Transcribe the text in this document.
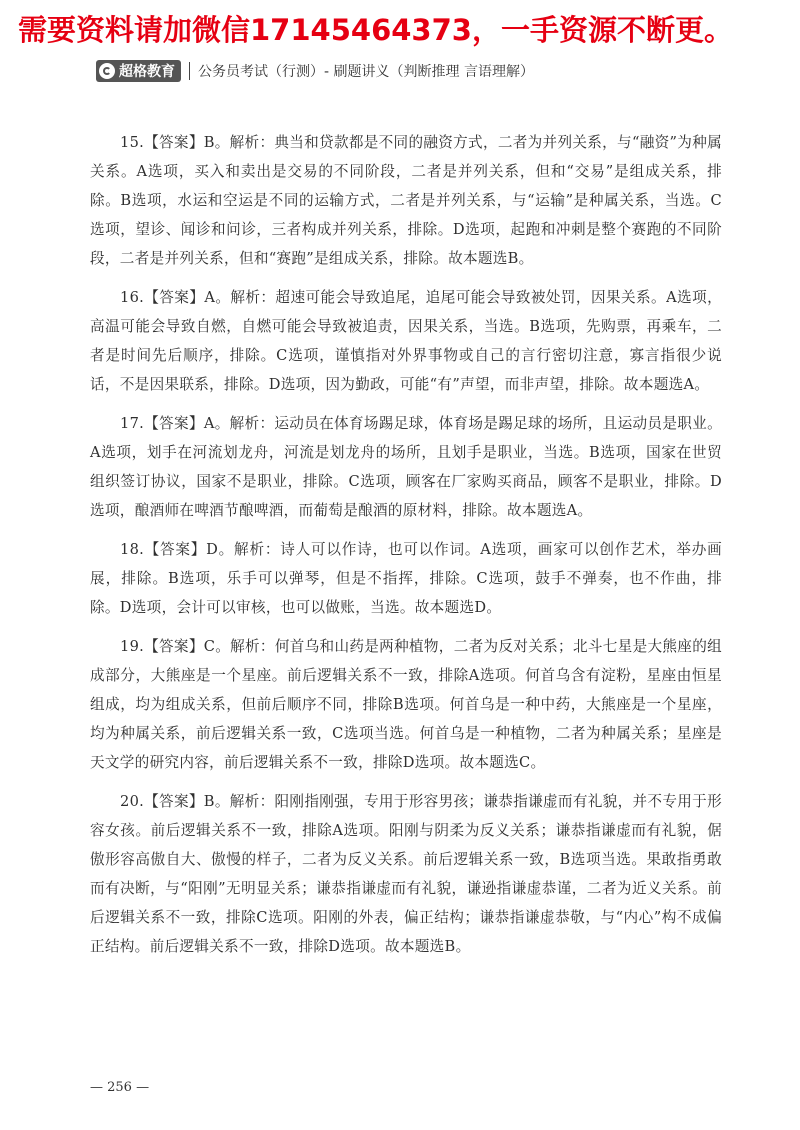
需要资料请加微信17145464373，一手资源不断更。
超格教育 公务员考试（行测）- 刷题讲义（判断推理 言语理解）

15.【答案】B。解析：典当和贷款都是不同的融资方式，二者为并列关系，与“融资”为种属关系。A选项，买入和卖出是交易的不同阶段，二者是并列关系，但和“交易”是组成关系，排除。B选项，水运和空运是不同的运输方式，二者是并列关系，与“运输”是种属关系，当选。C选项，望诊、闻诊和问诊，三者构成并列关系，排除。D选项，起跑和冲刺是整个赛跑的不同阶段，二者是并列关系，但和“赛跑”是组成关系，排除。故本题选B。

16.【答案】A。解析：超速可能会导致追尾，追尾可能会导致被处罚，因果关系。A选项，高温可能会导致自燃，自燃可能会导致被追责，因果关系，当选。B选项，先购票，再乘车，二者是时间先后顺序，排除。C选项，谨慎指对外界事物或自己的言行密切注意，寡言指很少说话，不是因果联系，排除。D选项，因为勤政，可能“有”声望，而非声望，排除。故本题选A。

17.【答案】A。解析：运动员在体育场踢足球，体育场是踢足球的场所，且运动员是职业。A选项，划手在河流划龙舟，河流是划龙舟的场所，且划手是职业，当选。B选项，国家在世贸组织签订协议，国家不是职业，排除。C选项，顾客在厂家购买商品，顾客不是职业，排除。D选项，酿酒师在啤酒节酿啤酒，而葡萄是酿酒的原材料，排除。故本题选A。

18.【答案】D。解析：诗人可以作诗，也可以作词。A选项，画家可以创作艺术，举办画展，排除。B选项，乐手可以弹琴，但是不指挥，排除。C选项，鼓手不弹奏，也不作曲，排除。D选项，会计可以审核，也可以做账，当选。故本题选D。

19.【答案】C。解析：何首乌和山药是两种植物，二者为反对关系；北斗七星是大熊座的组成部分，大熊座是一个星座。前后逻辑关系不一致，排除A选项。何首乌含有淀粉，星座由恒星组成，均为组成关系，但前后顺序不同，排除B选项。何首乌是一种中药，大熊座是一个星座，均为种属关系，前后逻辑关系一致，C选项当选。何首乌是一种植物，二者为种属关系；星座是天文学的研究内容，前后逻辑关系不一致，排除D选项。故本题选C。

20.【答案】B。解析：阳刚指刚强，专用于形容男孩；谦恭指谦虚而有礼貌，并不专用于形容女孩。前后逻辑关系不一致，排除A选项。阳刚与阴柔为反义关系；谦恭指谦虚而有礼貌，倨傲形容高傲自大、傲慢的样子，二者为反义关系。前后逻辑关系一致，B选项当选。果敢指勇敢而有决断，与“阳刚”无明显关系；谦恭指谦虚而有礼貌，谦逊指谦虚恭谨，二者为近义关系。前后逻辑关系不一致，排除C选项。阳刚的外表，偏正结构；谦恭指谦虚恭敬，与“内心”构不成偏正结构。前后逻辑关系不一致，排除D选项。故本题选B。

— 256 —
